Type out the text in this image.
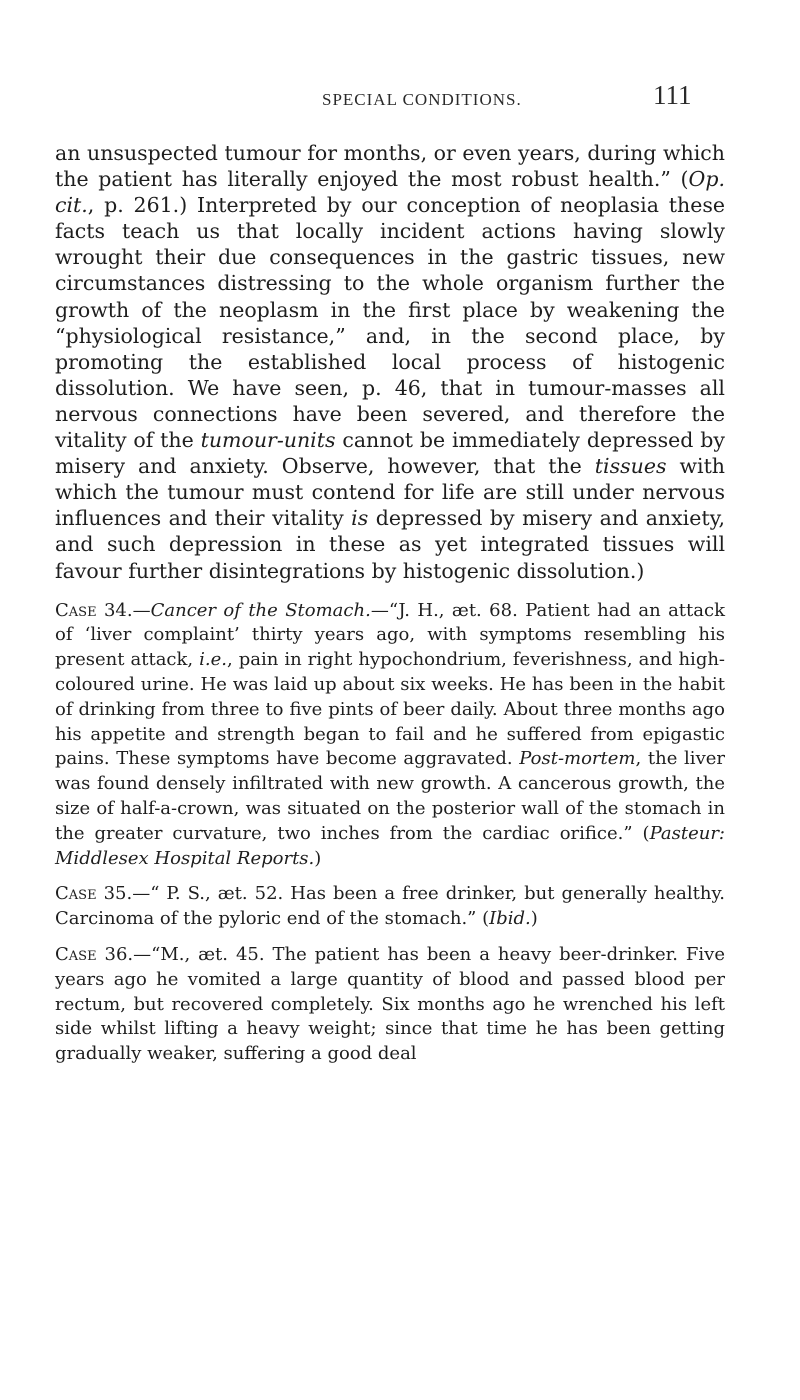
SPECIAL CONDITIONS.	111

an unsuspected tumour for months, or even years, during which the patient has literally enjoyed the most robust health.” (Op. cit., p. 261.) Interpreted by our conception of neoplasia these facts teach us that locally incident actions having slowly wrought their due consequences in the gastric tissues, new circumstances distressing to the whole organism further the growth of the neoplasm in the first place by weakening the “physiological resistance,” and, in the second place, by promoting the established local process of histogenic dissolution. We have seen, p. 46, that in tumour-masses all nervous connections have been severed, and therefore the vitality of the tumour-units cannot be immediately depressed by misery and anxiety. Observe, however, that the tissues with which the tumour must contend for life are still under nervous influences and their vitality is depressed by misery and anxiety, and such depression in these as yet integrated tissues will favour further disintegrations by histogenic dissolution.)

Case 34.—Cancer of the Stomach.—“J. H., æt. 68. Patient had an attack of ‘liver complaint’ thirty years ago, with symptoms resembling his present attack, i.e., pain in right hypochondrium, feverishness, and high-coloured urine. He was laid up about six weeks. He has been in the habit of drinking from three to five pints of beer daily. About three months ago his appetite and strength began to fail and he suffered from epigastic pains. These symptoms have become aggravated. Post-mortem, the liver was found densely infiltrated with new growth. A cancerous growth, the size of half-a-crown, was situated on the posterior wall of the stomach in the greater curvature, two inches from the cardiac orifice.” (Pasteur: Middlesex Hospital Reports.)

Case 35.—“ P. S., æt. 52. Has been a free drinker, but generally healthy. Carcinoma of the pyloric end of the stomach.” (Ibid.)

Case 36.—“M., æt. 45. The patient has been a heavy beer-drinker. Five years ago he vomited a large quantity of blood and passed blood per rectum, but recovered completely. Six months ago he wrenched his left side whilst lifting a heavy weight; since that time he has been getting gradually weaker, suffering a good deal
